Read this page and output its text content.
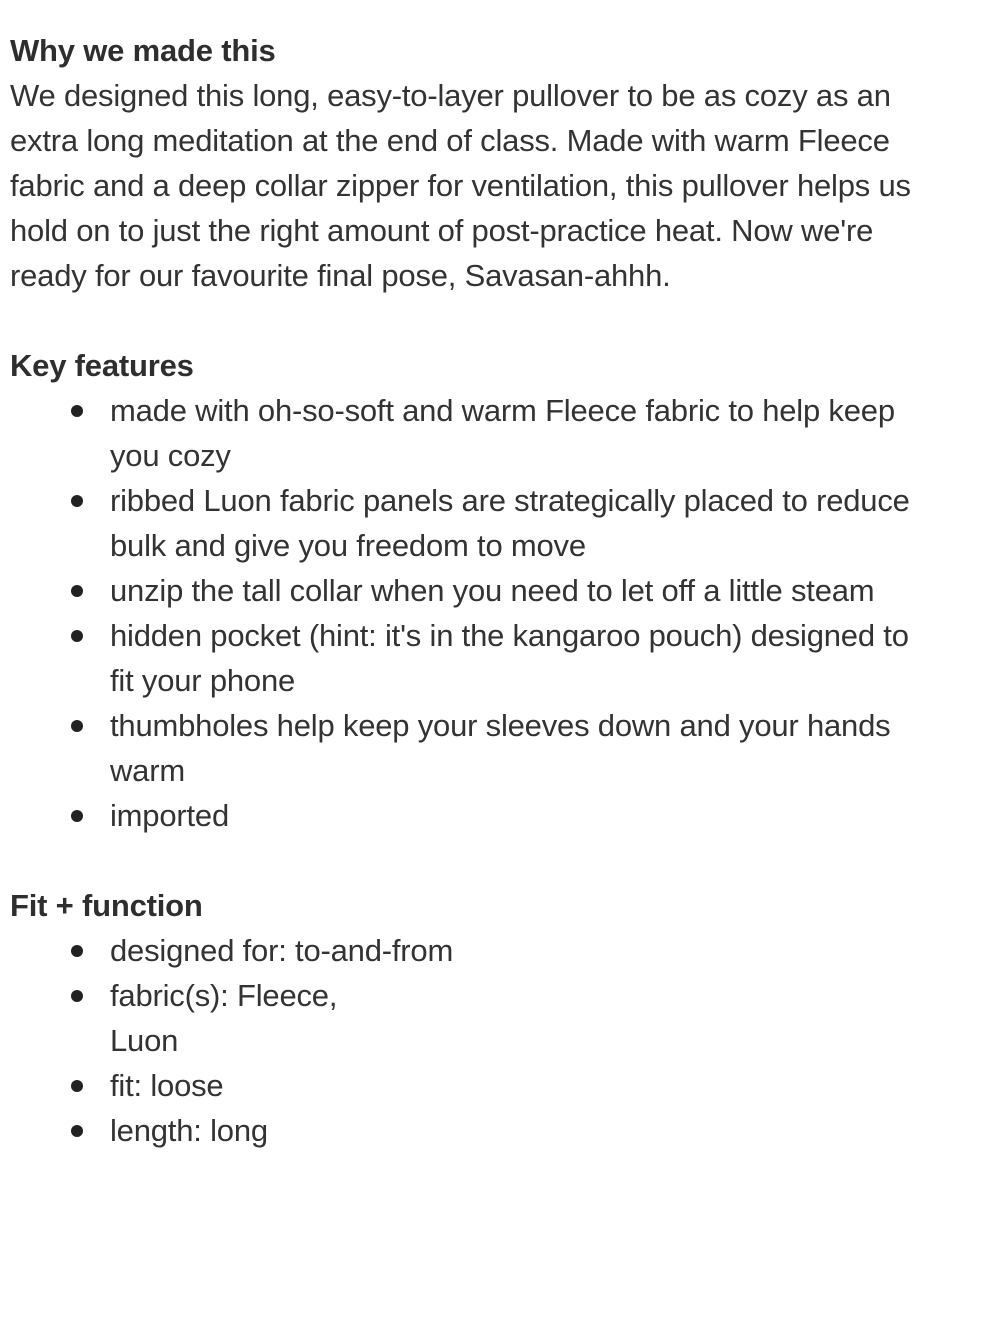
Why we made this

We designed this long, easy-to-layer pullover to be as cozy as an
extra long meditation at the end of class. Made with warm Fleece
fabric and a deep collar zipper for ventilation, this pullover helps us
hold on to just the right amount of post-practice heat. Now we're
ready for our favourite final pose, Savasan-ahhh.

Key features
made with oh-so-soft and warm Fleece fabric to help keep
you cozy
ribbed Luon fabric panels are strategically placed to reduce
bulk and give you freedom to move
unzip the tall collar when you need to let off a little steam
hidden pocket (hint: it's in the kangaroo pouch) designed to
fit your phone
thumbholes help keep your sleeves down and your hands
warm
imported
Fit + function
designed for: to-and-from
fabric(s): Fleece,
Luon
fit: loose
length: long
